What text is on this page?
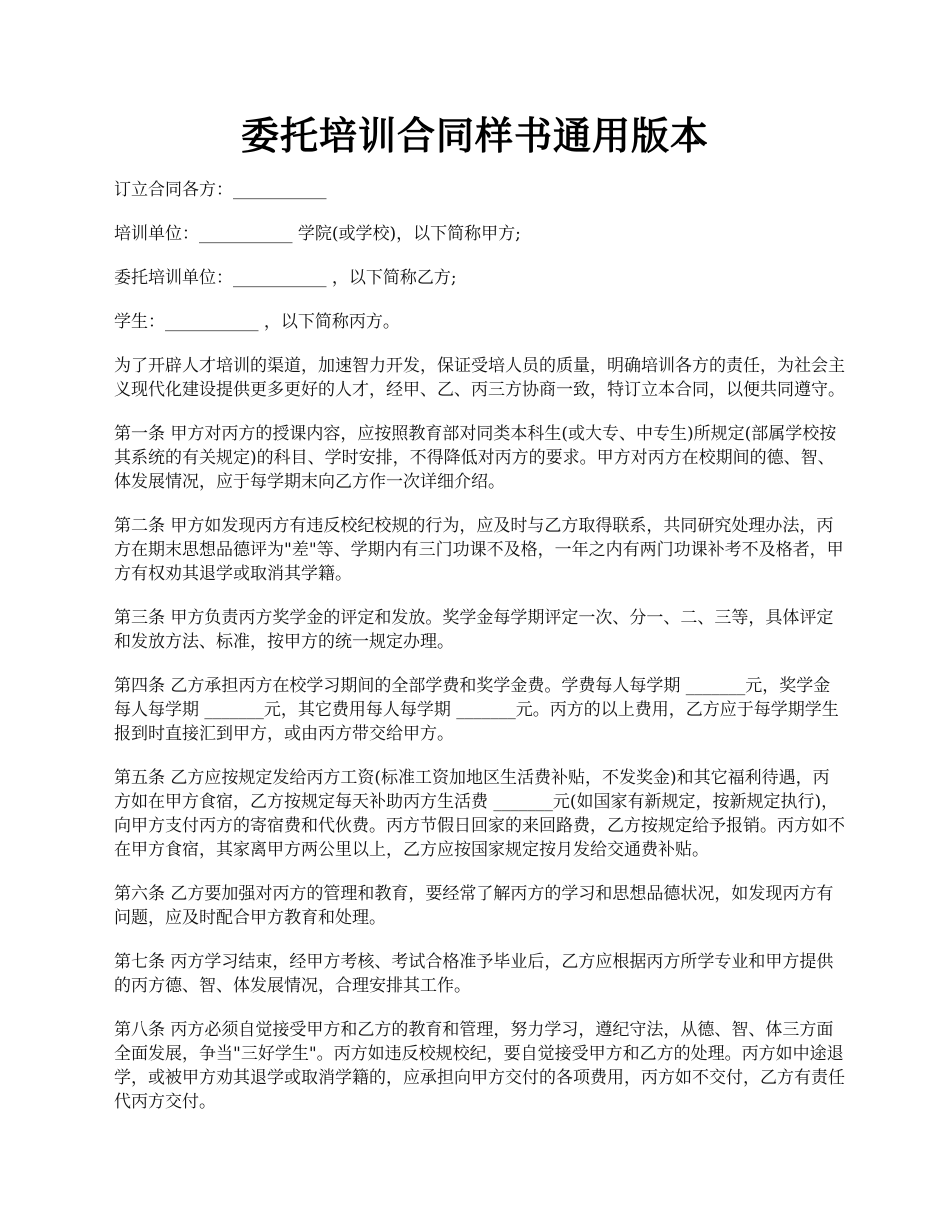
委托培训合同样书通用版本

订立合同各方：___________

培训单位：___________ 学院(或学校)，以下简称甲方;

委托培训单位：___________ ，以下简称乙方;

学生：___________ ，以下简称丙方。

为了开辟人才培训的渠道，加速智力开发，保证受培人员的质量，明确培训各方的责任，为社会主义现代化建设提供更多更好的人才，经甲、乙、丙三方协商一致，特订立本合同，以便共同遵守。

第一条 甲方对丙方的授课内容，应按照教育部对同类本科生(或大专、中专生)所规定(部属学校按其系统的有关规定)的科目、学时安排，不得降低对丙方的要求。甲方对丙方在校期间的德、智、体发展情况，应于每学期末向乙方作一次详细介绍。

第二条 甲方如发现丙方有违反校纪校规的行为，应及时与乙方取得联系，共同研究处理办法，丙方在期末思想品德评为"差"等、学期内有三门功课不及格，一年之内有两门功课补考不及格者，甲方有权劝其退学或取消其学籍。

第三条 甲方负责丙方奖学金的评定和发放。奖学金每学期评定一次、分一、二、三等，具体评定和发放方法、标准，按甲方的统一规定办理。

第四条 乙方承担丙方在校学习期间的全部学费和奖学金费。学费每人每学期 _______元，奖学金每人每学期 _______元，其它费用每人每学期 _______元。丙方的以上费用，乙方应于每学期学生报到时直接汇到甲方，或由丙方带交给甲方。

第五条 乙方应按规定发给丙方工资(标准工资加地区生活费补贴，不发奖金)和其它福利待遇，丙方如在甲方食宿，乙方按规定每天补助丙方生活费 _______元(如国家有新规定，按新规定执行)，向甲方支付丙方的寄宿费和代伙费。丙方节假日回家的来回路费，乙方按规定给予报销。丙方如不在甲方食宿，其家离甲方两公里以上，乙方应按国家规定按月发给交通费补贴。

第六条 乙方要加强对丙方的管理和教育，要经常了解丙方的学习和思想品德状况，如发现丙方有问题，应及时配合甲方教育和处理。

第七条 丙方学习结束，经甲方考核、考试合格准予毕业后，乙方应根据丙方所学专业和甲方提供的丙方德、智、体发展情况，合理安排其工作。

第八条 丙方必须自觉接受甲方和乙方的教育和管理，努力学习，遵纪守法，从德、智、体三方面全面发展，争当"三好学生"。丙方如违反校规校纪，要自觉接受甲方和乙方的处理。丙方如中途退学，或被甲方劝其退学或取消学籍的，应承担向甲方交付的各项费用，丙方如不交付，乙方有责任代丙方交付。
